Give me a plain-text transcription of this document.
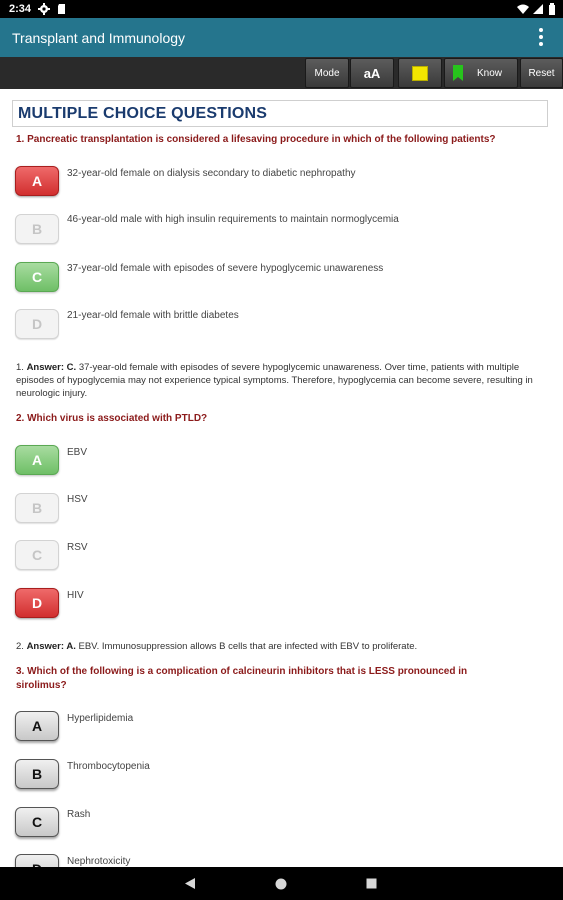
2:34
Transplant and Immunology
Mode aA	Know	Reset
MULTIPLE CHOICE QUESTIONS
1. Pancreatic transplantation is considered a lifesaving procedure in which of the following patients?
A 32-year-old female on dialysis secondary to diabetic nephropathy
B
46-year-old male with high insulin requirements to maintain normoglycemia
C
37-year-old female with episodes of severe hypoglycemic unawareness
D
21-year-old female with brittle diabetes
1. Answer: C. 37-year-old female with episodes of severe hypoglycemic unawareness. Over time, patients with multiple episodes of hypoglycemia may not experience typical symptoms. Therefore, hypoglycemia can become severe, resulting in neurologic injury.
2. Which virus is associated with PTLD?
A EBV
B
HSV
C RSV
D HIV
2. Answer: A. EBV. Immunosuppression allows B cells that are infected with EBV to proliferate.
3. Which of the following is a complication of calcineurin inhibitors that is LESS pronounced in sirolimus?
A Hyperlipidemia
B Thrombocytopenia
C Rash
Nephrotoxicity
